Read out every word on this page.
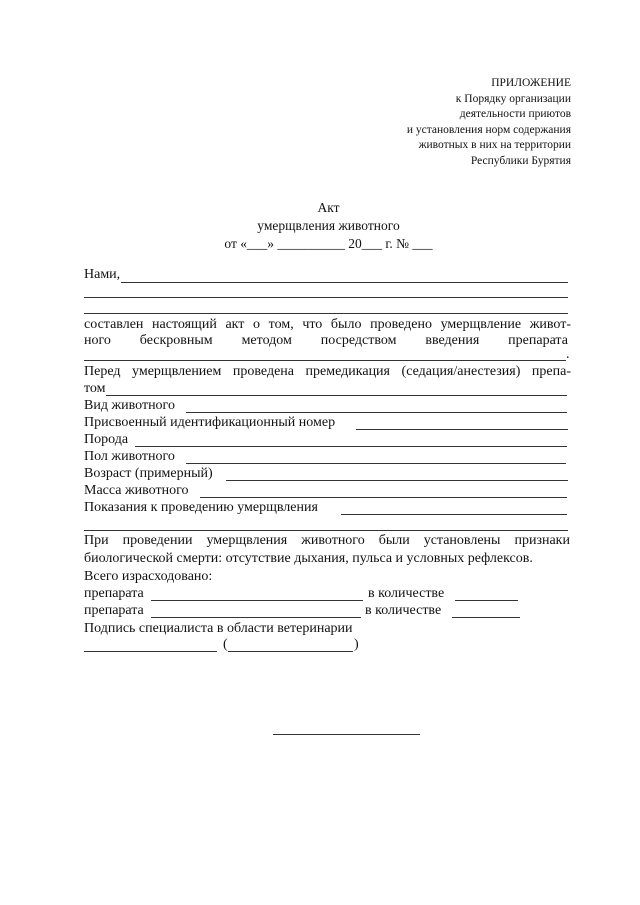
ПРИЛОЖЕНИЕ
к Порядку организации
деятельности приютов
и установления норм содержания
животных в них на территории
Республики Бурятия
Акт
умерщвления животного
от «___» __________ 20___ г. № ___
Нами,
составлен настоящий акт о том, что было проведено умерщвление живот-
ного бескровным методом посредством введения препарата
.
Перед умерщвлением проведена премедикация (седация/анестезия) препа-
том
Вид животного
Присвоенный идентификационный номер
Порода
Пол животного
Возраст (примерный)
Масса животного
Показания к проведению умерщвления
При проведении умерщвления животного были установлены признаки
биологической смерти: отсутствие дыхания, пульса и условных рефлексов.
Всего израсходовано:
препарата	в количестве
препарата	в количестве
Подпись специалиста в области ветеринарии
(	)
